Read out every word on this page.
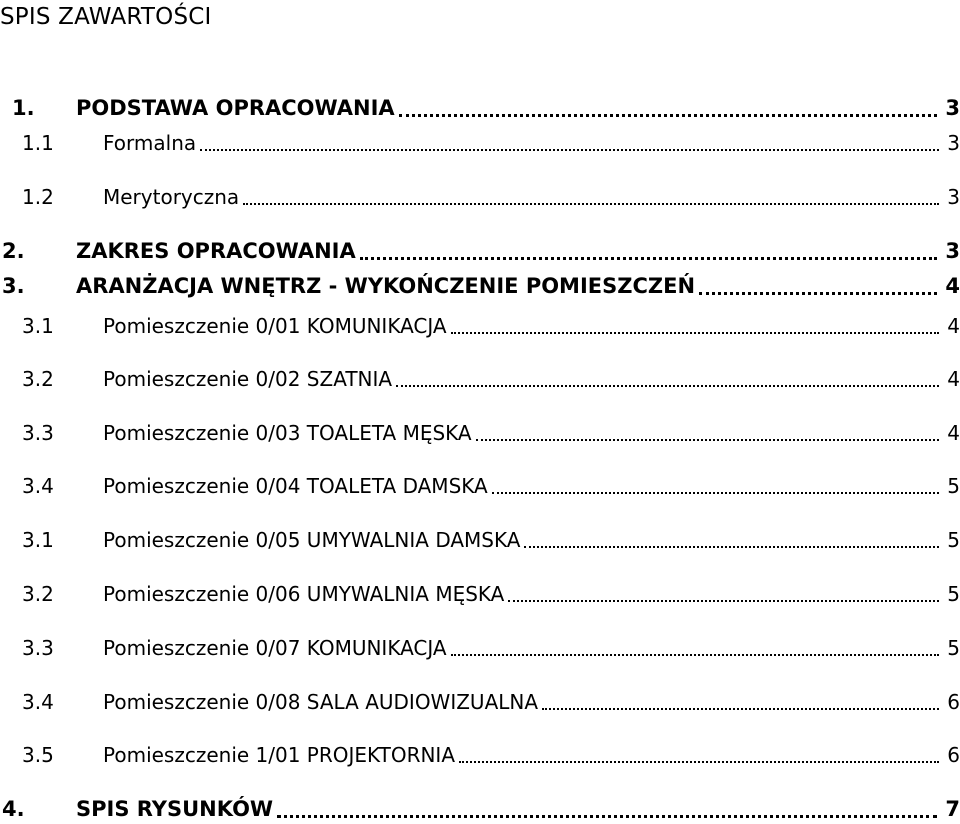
SPIS ZAWARTOŚCI
1. PODSTAWA OPRACOWANIA	3
1.1 Formalna	3
1.2 Merytoryczna	3
2. ZAKRES OPRACOWANIA	3
3. ARANŻACJA WNĘTRZ - WYKOŃCZENIE POMIESZCZEŃ	4
3.1 Pomieszczenie 0/01 KOMUNIKACJA	4
3.2 Pomieszczenie 0/02 SZATNIA	4
3.3 Pomieszczenie 0/03 TOALETA MĘSKA	4
3.4 Pomieszczenie 0/04 TOALETA DAMSKA	5
3.1 Pomieszczenie 0/05 UMYWALNIA DAMSKA	5
3.2 Pomieszczenie 0/06 UMYWALNIA MĘSKA	5
3.3 Pomieszczenie 0/07 KOMUNIKACJA	5
3.4 Pomieszczenie 0/08 SALA AUDIOWIZUALNA	6
3.5 Pomieszczenie 1/01 PROJEKTORNIA	6
4. SPIS RYSUNKÓW	7
